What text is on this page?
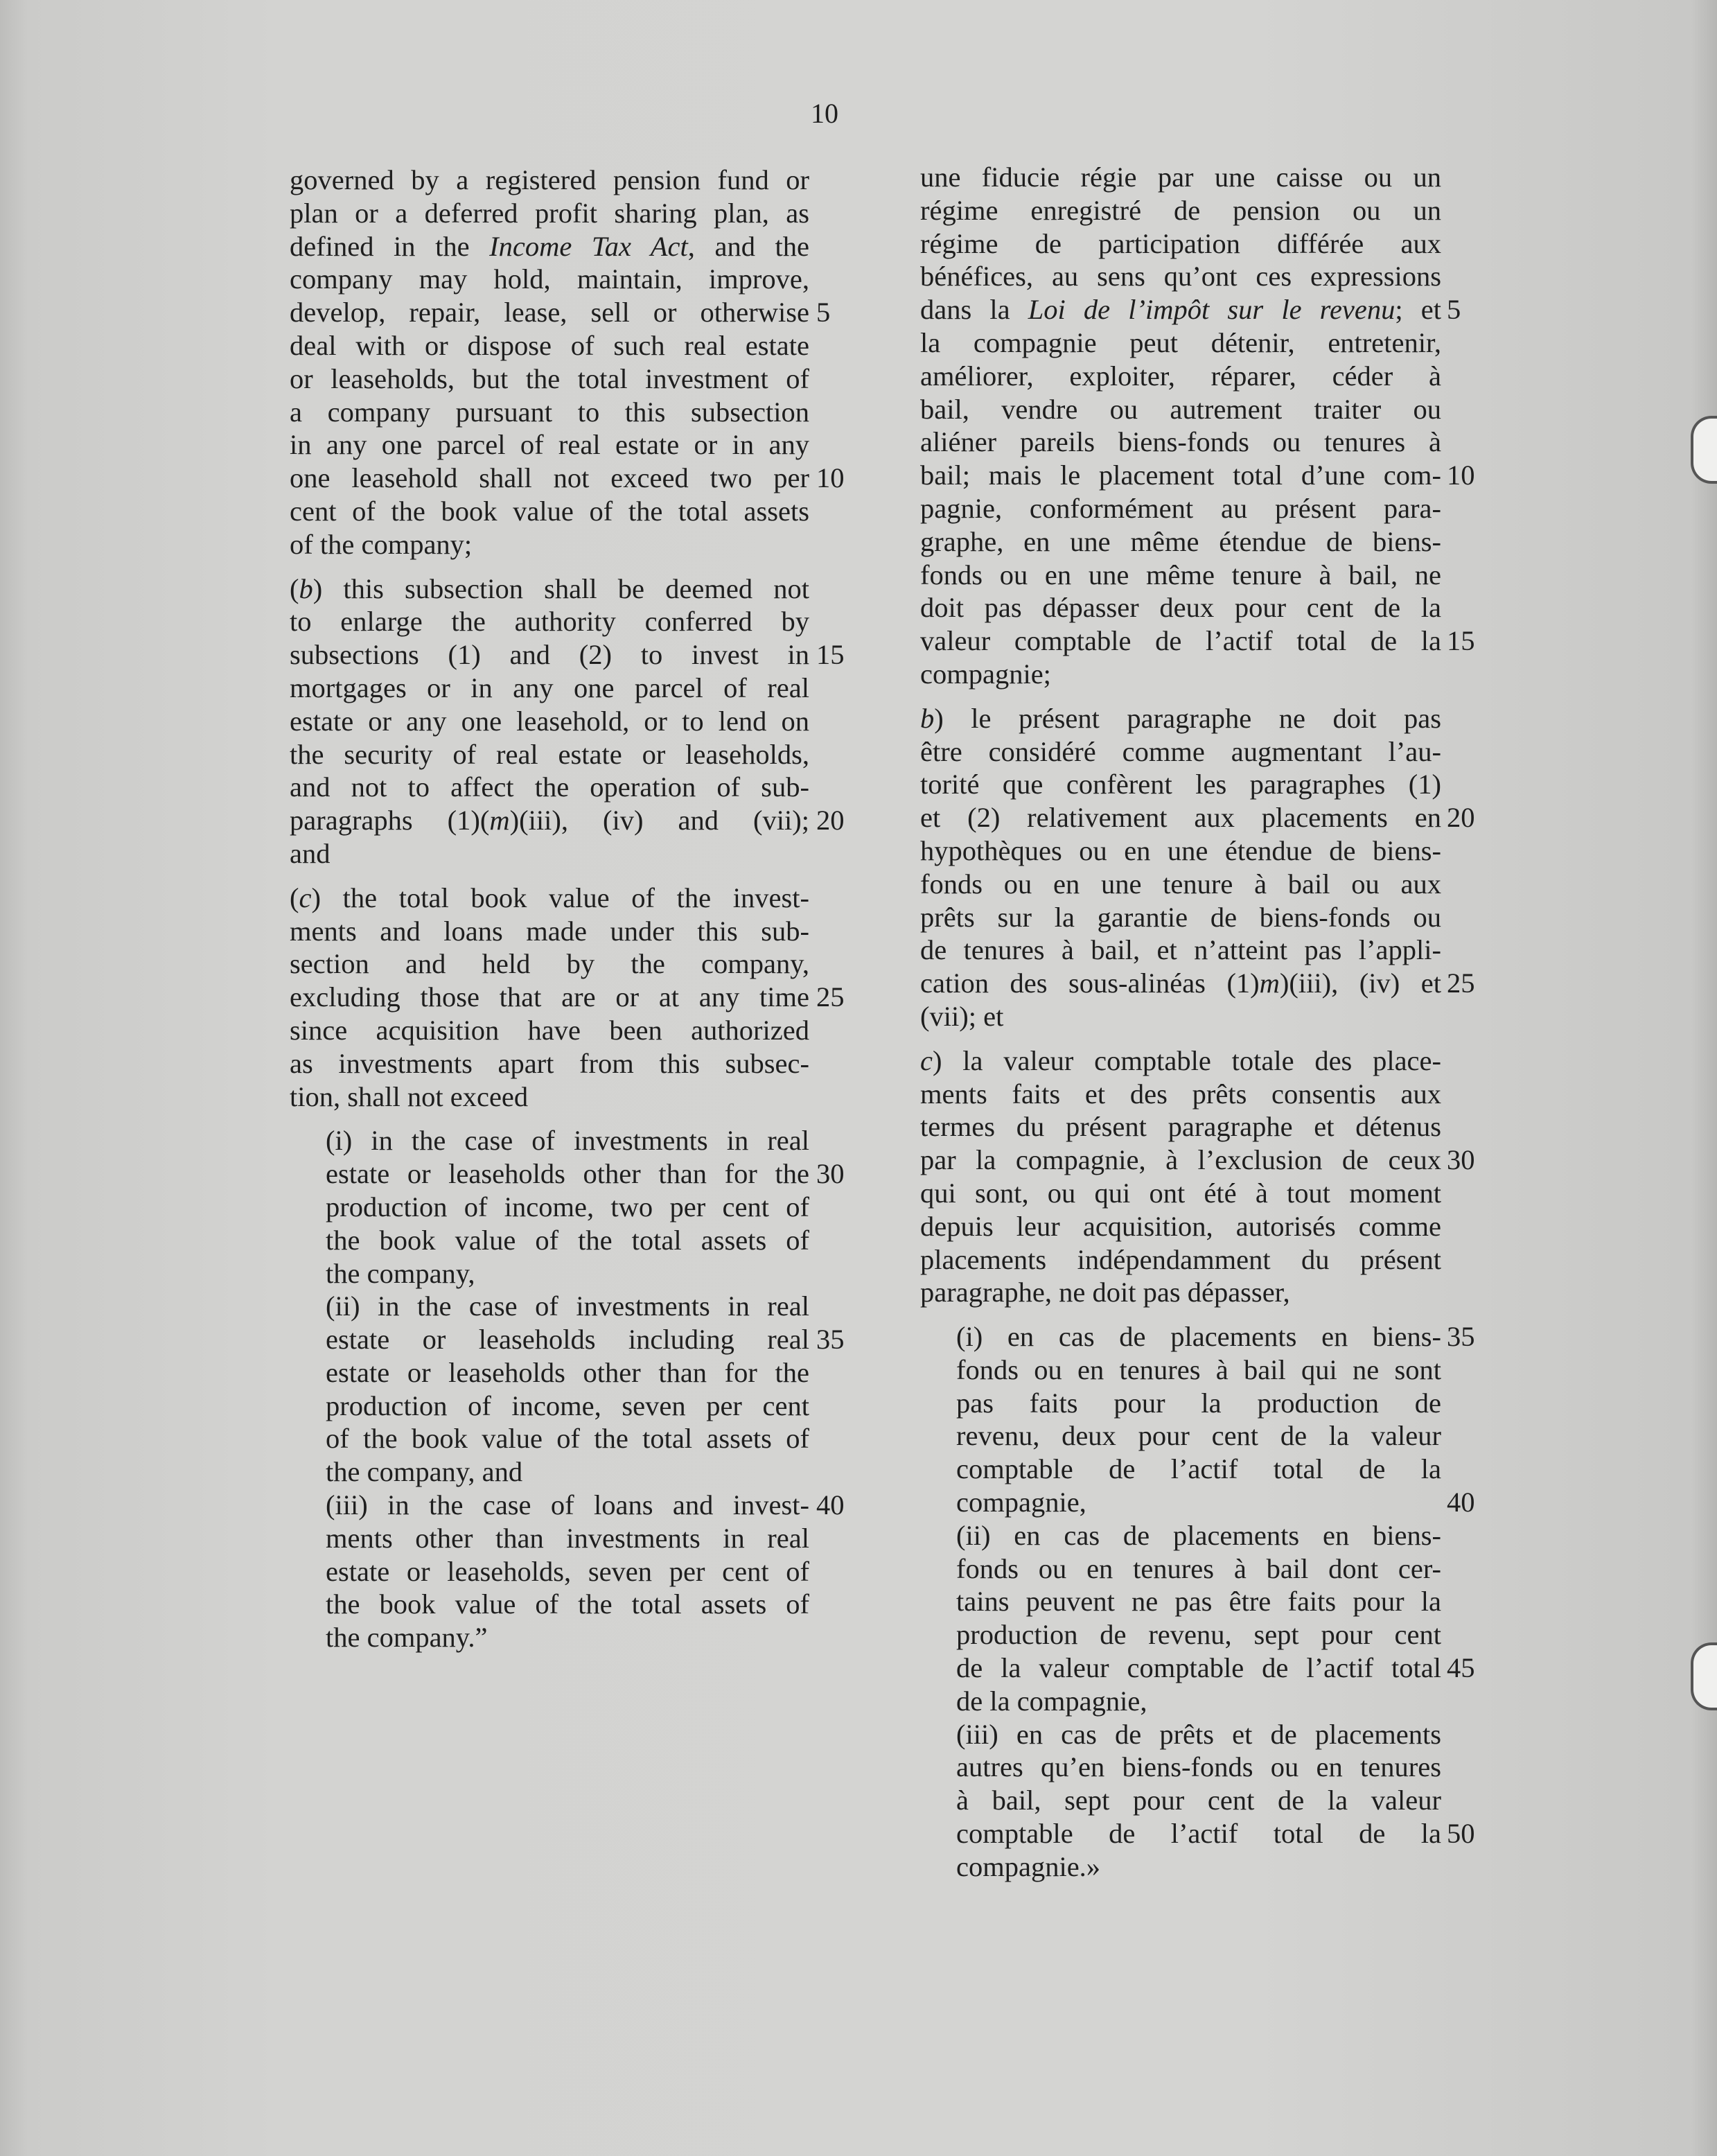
10
governed by a registered pension fund or
plan or a deferred profit sharing plan, as
defined in the Income Tax Act, and the
company may hold, maintain, improve,
develop, repair, lease, sell or otherwise
deal with or dispose of such real estate
or leaseholds, but the total investment of
a company pursuant to this subsection
in any one parcel of real estate or in any
one leasehold shall not exceed two per
cent of the book value of the total assets
of the company;
(b) this subsection shall be deemed not
to enlarge the authority conferred by
subsections (1) and (2) to invest in
mortgages or in any one parcel of real
estate or any one leasehold, or to lend on
the security of real estate or leaseholds,
and not to affect the operation of sub-
paragraphs (1)(m)(iii), (iv) and (vii);
and
(c) the total book value of the invest-
ments and loans made under this sub-
section and held by the company,
excluding those that are or at any time
since acquisition have been authorized
as investments apart from this subsec-
tion, shall not exceed
(i) in the case of investments in real
estate or leaseholds other than for the
production of income, two per cent of
the book value of the total assets of
the company,
(ii) in the case of investments in real
estate or leaseholds including real
estate or leaseholds other than for the
production of income, seven per cent
of the book value of the total assets of
the company, and
(iii) in the case of loans and invest-
ments other than investments in real
estate or leaseholds, seven per cent of
the book value of the total assets of
the company.”
une fiducie régie par une caisse ou un
régime enregistré de pension ou un
régime de participation différée aux
bénéfices, au sens qu’ont ces expressions
dans la Loi de l’impôt sur le revenu; et
la compagnie peut détenir, entretenir,
améliorer, exploiter, réparer, céder à
bail, vendre ou autrement traiter ou
aliéner pareils biens-fonds ou tenures à
bail; mais le placement total d’une com-
pagnie, conformément au présent para-
graphe, en une même étendue de biens-
fonds ou en une même tenure à bail, ne
doit pas dépasser deux pour cent de la
valeur comptable de l’actif total de la
compagnie;
b) le présent paragraphe ne doit pas
être considéré comme augmentant l’au-
torité que confèrent les paragraphes (1)
et (2) relativement aux placements en
hypothèques ou en une étendue de biens-
fonds ou en une tenure à bail ou aux
prêts sur la garantie de biens-fonds ou
de tenures à bail, et n’atteint pas l’appli-
cation des sous-alinéas (1)m)(iii), (iv) et
(vii); et
c) la valeur comptable totale des place-
ments faits et des prêts consentis aux
termes du présent paragraphe et détenus
par la compagnie, à l’exclusion de ceux
qui sont, ou qui ont été à tout moment
depuis leur acquisition, autorisés comme
placements indépendamment du présent
paragraphe, ne doit pas dépasser,
(i) en cas de placements en biens-
fonds ou en tenures à bail qui ne sont
pas faits pour la production de
revenu, deux pour cent de la valeur
comptable de l’actif total de la
compagnie,
(ii) en cas de placements en biens-
fonds ou en tenures à bail dont cer-
tains peuvent ne pas être faits pour la
production de revenu, sept pour cent
de la valeur comptable de l’actif total
de la compagnie,
(iii) en cas de prêts et de placements
autres qu’en biens-fonds ou en tenures
à bail, sept pour cent de la valeur
comptable de l’actif total de la
compagnie.»
5
10
15
20
25
30
35
40
5
10
15
20
25
30
35
40
45
50
